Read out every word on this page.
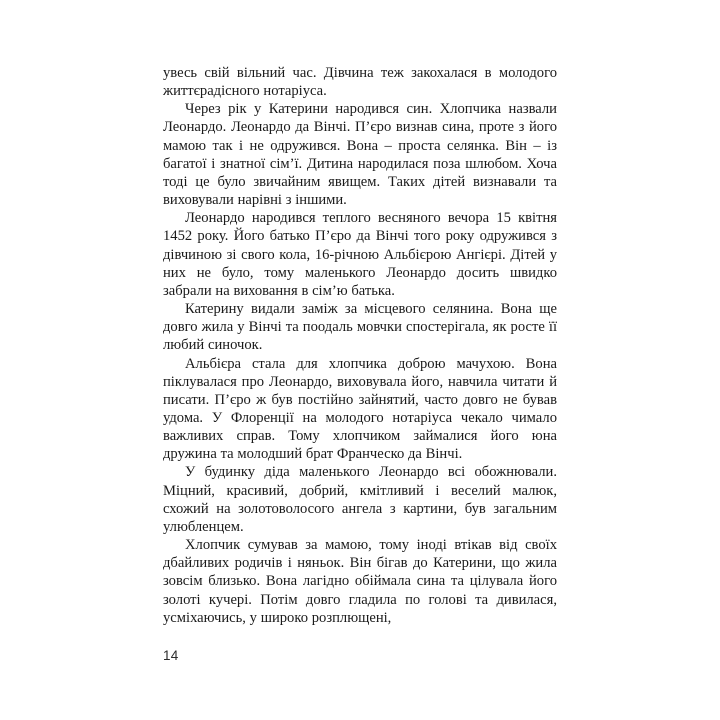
увесь свій вільний час. Дівчина теж закохалася в молодого життєрадісного нотаріуса.

Через рік у Катерини народився син. Хлопчика назвали Леонардо. Леонардо да Вінчі. П’єро визнав сина, проте з його мамою так і не одружився. Вона – проста селянка. Він – із багатої і знатної сім’ї. Дитина народилася поза шлюбом. Хоча тоді це було звичайним явищем. Таких дітей визнавали та виховували нарівні з іншими.

Леонардо народився теплого весняного вечора 15 квітня 1452 року. Його батько П’єро да Вінчі того року одружився з дівчиною зі свого кола, 16-річною Альбієрою Ангієрі. Дітей у них не було, тому маленького Леонардо досить швидко забрали на виховання в сім’ю батька.

Катерину видали заміж за місцевого селянина. Вона ще довго жила у Вінчі та поодаль мовчки спостерігала, як росте її любий синочок.

Альбієра стала для хлопчика доброю мачухою. Вона піклувалася про Леонардо, виховувала його, навчила читати й писати. П’єро ж був постійно зайнятий, часто довго не бував удома. У Флоренції на молодого нотаріуса чекало чимало важливих справ. Тому хлопчиком займалися його юна дружина та молодший брат Франческо да Вінчі.

У будинку діда маленького Леонардо всі обожнювали. Міцний, красивий, добрий, кмітливий і веселий малюк, схожий на золотоволосого ангела з картини, був загальним улюбленцем.

Хлопчик сумував за мамою, тому іноді втікав від своїх дбайливих родичів і няньок. Він бігав до Катерини, що жила зовсім близько. Вона лагідно обіймала сина та цілувала його золоті кучері. Потім довго гладила по голові та дивилася, усміхаючись, у широко розплющені,

14
